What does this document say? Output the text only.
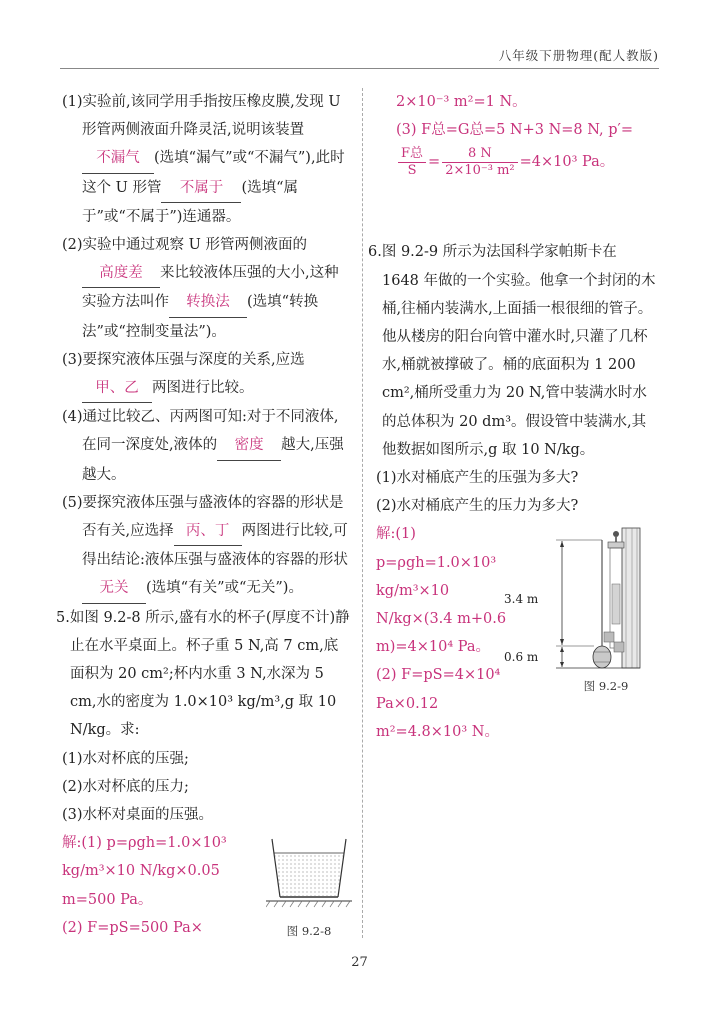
八年级下册物理(配人教版)

(1)实验前,该同学用手指按压橡皮膜,发现 U 形管两侧液面升降灵活,说明该装置不漏气 (选填“漏气”或“不漏气”),此时这个 U 形管 不属于 (选填“属于”或“不属于”)连通器。

(2)实验中通过观察 U 形管两侧液面的高度差 来比较液体压强的大小,这种实验方法叫作 转换法 (选填“转换法”或“控制变量法”)。

(3)要探究液体压强与深度的关系,应选甲、乙 两图进行比较。

(4)通过比较乙、丙两图可知:对于不同液体,在同一深度处,液体的 密度 越大,压强越大。

(5)要探究液体压强与盛液体的容器的形状是否有关,应选择 丙、丁 两图进行比较,可得出结论:液体压强与盛液体的容器的形状无关 (选填“有关”或“无关”)。

5.如图 9.2-8 所示,盛有水的杯子(厚度不计)静止在水平桌面上。杯子重 5 N,高 7 cm,底面积为 20 cm²;杯内水重 3 N,水深为 5 cm,水的密度为 1.0×10³ kg/m³,g 取 10 N/kg。求:

(1)水对杯底的压强;

(2)水对杯底的压力;

(3)水杯对桌面的压强。

解:(1) p=ρgh=1.0×10³ kg/m³×10 N/kg×0.05 m=500 Pa。

(2) F=pS=500 Pa×	图 9.2-8

2×10⁻³ m²=1 N。

(3) F总=G总=5 N+3 N=8 N, p′=

$\frac{\text{F总}}{S} = \frac{8 N}{\text{2×10⁻³ m²}} =4\times 10^3$ Pa。

6.图 9.2-9 所示为法国科学家帕斯卡在 1648 年做的一个实验。他拿一个封闭的木桶,往桶内装满水,上面插一根很细的管子。他从楼房的阳台向管中灌水时,只灌了几杯水,桶就被撑破了。桶的底面积为 1 200 cm²,桶所受重力为 20 N,管中装满水时水的总体积为 20 dm³。假设管中装满水,其他数据如图所示,g 取 10 N/kg。

(1)水对桶底产生的压强为多大?

(2)水对桶底产生的压力为多大?

解:(1) p=ρgh=1.0×10³ kg/m³×10 N/kg×(3.4 m+0.6 m)=4×10⁴ Pa。

(2) F=pS=4×10⁴ Pa×0.12 m²=4.8×10³ N。

3.4 m
0.6 m
图 9.2-9
27
